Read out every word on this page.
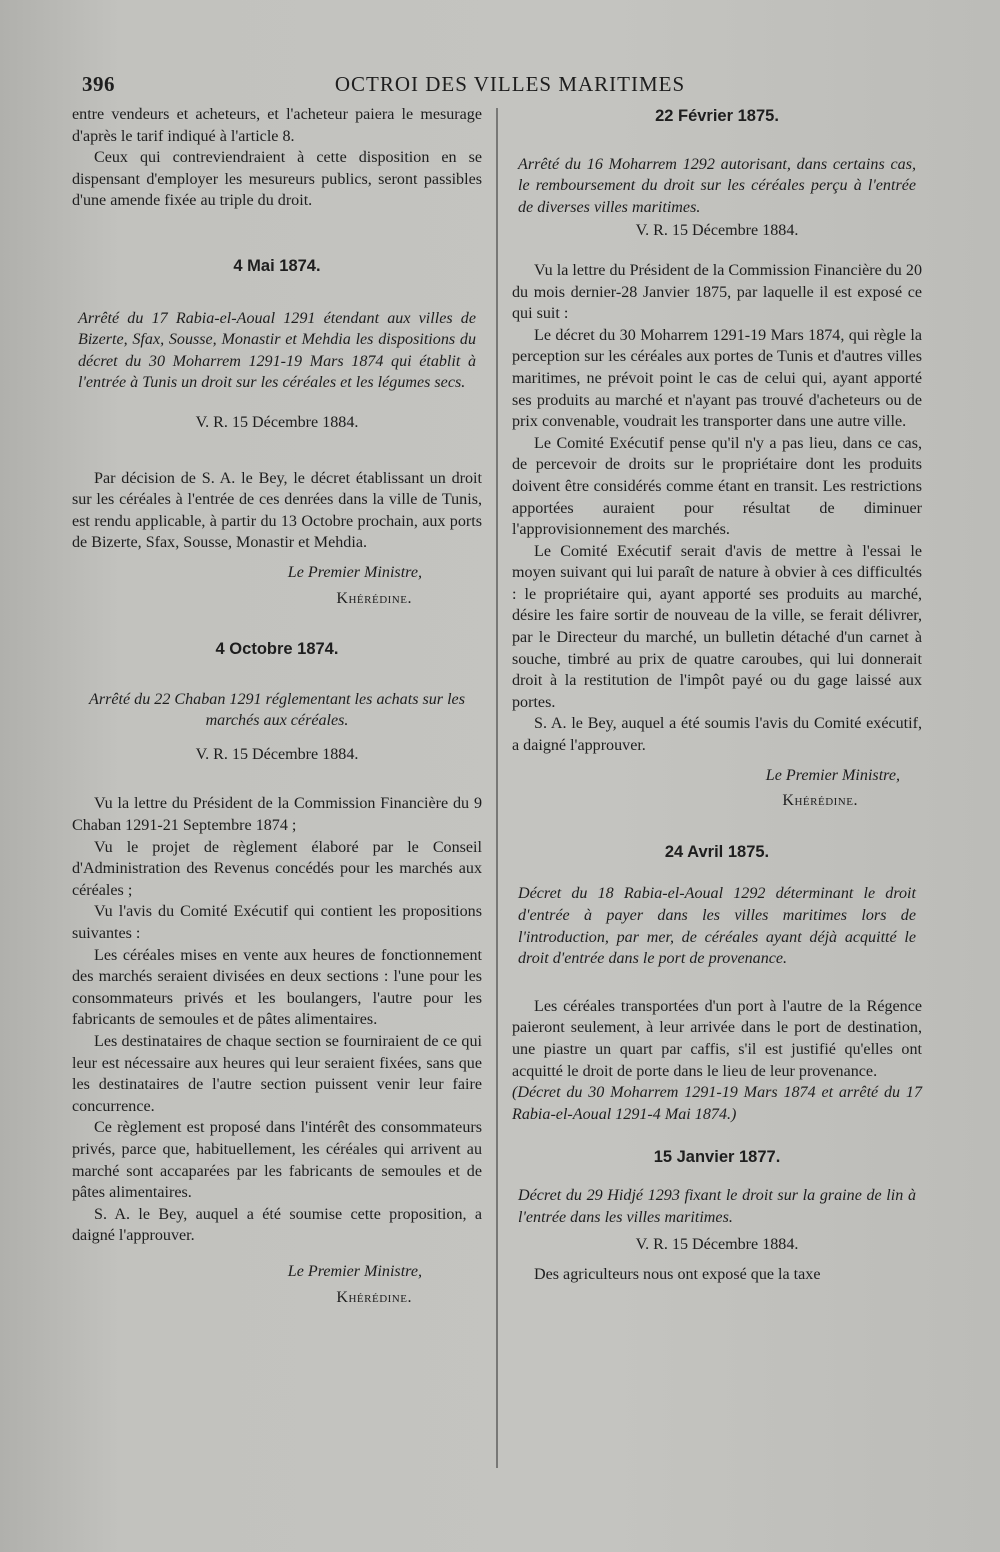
396	OCTROI DES VILLES MARITIMES

entre vendeurs et acheteurs, et l'acheteur paiera le mesurage d'après le tarif indiqué à l'article 8.

Ceux qui contreviendraient à cette disposition en se dispensant d'employer les mesureurs publics, seront passibles d'une amende fixée au triple du droit.

4 Mai 1874.

Arrêté du 17 Rabia-el-Aoual 1291 étendant aux villes de Bizerte, Sfax, Sousse, Monastir et Mehdia les dispositions du décret du 30 Moharrem 1291-19 Mars 1874 qui établit à l'entrée à Tunis un droit sur les céréales et les légumes secs.

V. R. 15 Décembre 1884.

Par décision de S. A. le Bey, le décret établissant un droit sur les céréales à l'entrée de ces denrées dans la ville de Tunis, est rendu applicable, à partir du 13 Octobre prochain, aux ports de Bizerte, Sfax, Sousse, Monastir et Mehdia.

Le Premier Ministre,
Khérédine.
4 Octobre 1874.

Arrêté du 22 Chaban 1291 réglementant les achats sur les marchés aux céréales.

V. R. 15 Décembre 1884.

Vu la lettre du Président de la Commission Financière du 9 Chaban 1291-21 Septembre 1874 ;

Vu le projet de règlement élaboré par le Conseil d'Administration des Revenus concédés pour les marchés aux céréales ;

Vu l'avis du Comité Exécutif qui contient les propositions suivantes :

Les céréales mises en vente aux heures de fonctionnement des marchés seraient divisées en deux sections : l'une pour les consommateurs privés et les boulangers, l'autre pour les fabricants de semoules et de pâtes alimentaires.

Les destinataires de chaque section se fourniraient de ce qui leur est nécessaire aux heures qui leur seraient fixées, sans que les destinataires de l'autre section puissent venir leur faire concurrence.

Ce règlement est proposé dans l'intérêt des consommateurs privés, parce que, habituellement, les céréales qui arrivent au marché sont accaparées par les fabricants de semoules et de pâtes alimentaires.

S. A. le Bey, auquel a été soumise cette proposition, a daigné l'approuver.

Le Premier Ministre,
Khérédine.
22 Février 1875.

Arrêté du 16 Moharrem 1292 autorisant, dans certains cas, le remboursement du droit sur les céréales perçu à l'entrée de diverses villes maritimes.

V. R. 15 Décembre 1884.

Vu la lettre du Président de la Commission Financière du 20 du mois dernier-28 Janvier 1875, par laquelle il est exposé ce qui suit :

Le décret du 30 Moharrem 1291-19 Mars 1874, qui règle la perception sur les céréales aux portes de Tunis et d'autres villes maritimes, ne prévoit point le cas de celui qui, ayant apporté ses produits au marché et n'ayant pas trouvé d'acheteurs ou de prix convenable, voudrait les transporter dans une autre ville.

Le Comité Exécutif pense qu'il n'y a pas lieu, dans ce cas, de percevoir de droits sur le propriétaire dont les produits doivent être considérés comme étant en transit. Les restrictions apportées auraient pour résultat de diminuer l'approvisionnement des marchés.

Le Comité Exécutif serait d'avis de mettre à l'essai le moyen suivant qui lui paraît de nature à obvier à ces difficultés : le propriétaire qui, ayant apporté ses produits au marché, désire les faire sortir de nouveau de la ville, se ferait délivrer, par le Directeur du marché, un bulletin détaché d'un carnet à souche, timbré au prix de quatre caroubes, qui lui donnerait droit à la restitution de l'impôt payé ou du gage laissé aux portes.

S. A. le Bey, auquel a été soumis l'avis du Comité exécutif, a daigné l'approuver.

Le Premier Ministre,
Khérédine.
24 Avril 1875.

Décret du 18 Rabia-el-Aoual 1292 déterminant le droit d'entrée à payer dans les villes maritimes lors de l'introduction, par mer, de céréales ayant déjà acquitté le droit d'entrée dans le port de provenance.

Les céréales transportées d'un port à l'autre de la Régence paieront seulement, à leur arrivée dans le port de destination, une piastre un quart par caffis, s'il est justifié qu'elles ont acquitté le droit de porte dans le lieu de leur provenance.

(Décret du 30 Moharrem 1291-19 Mars 1874 et arrêté du 17 Rabia-el-Aoual 1291-4 Mai 1874.)

15 Janvier 1877.

Décret du 29 Hidjé 1293 fixant le droit sur la graine de lin à l'entrée dans les villes maritimes.

V. R. 15 Décembre 1884.

Des agriculteurs nous ont exposé que la taxe
